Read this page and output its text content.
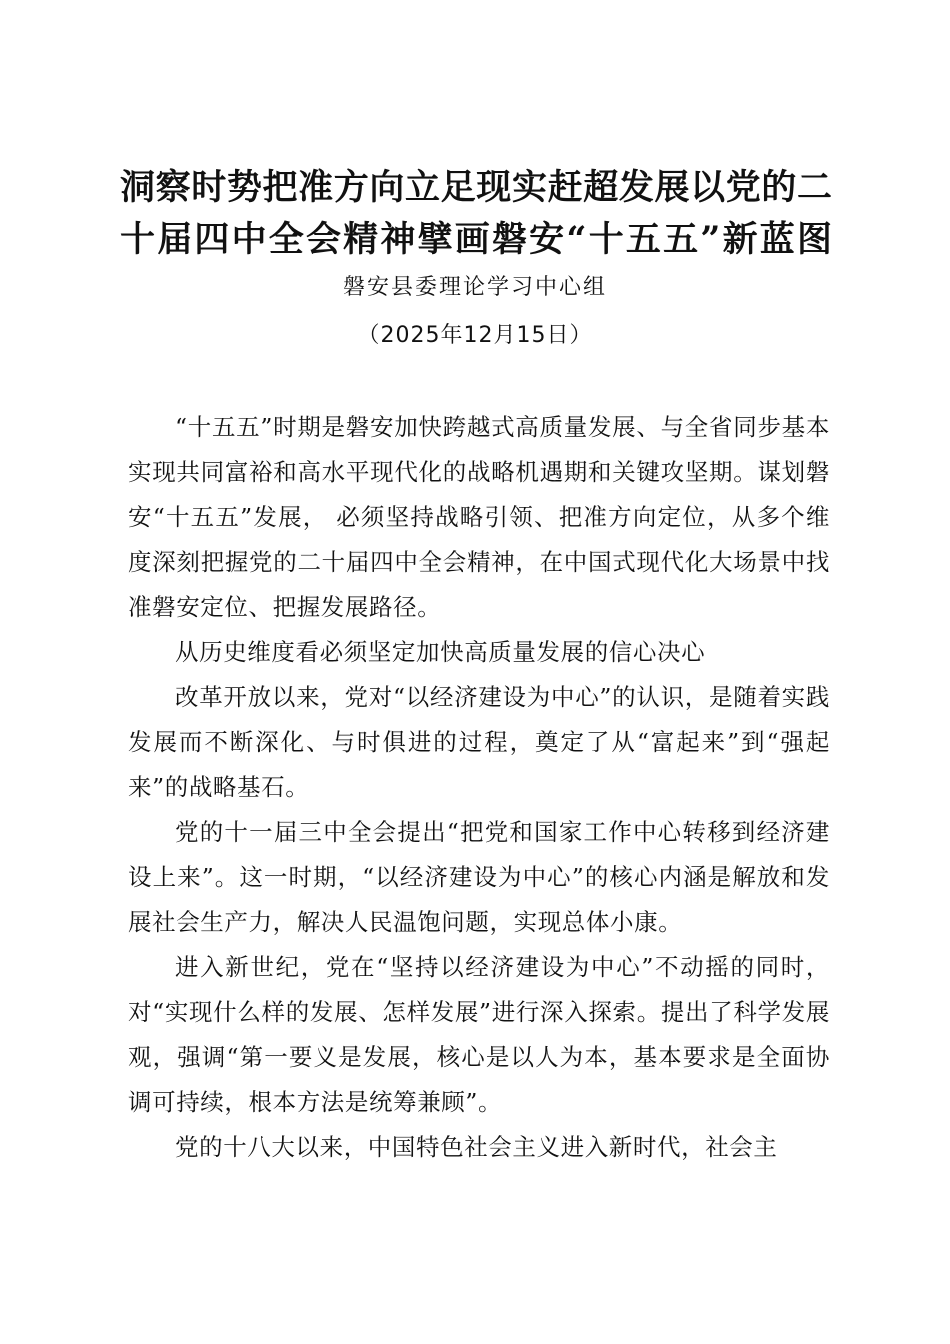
洞察时势把准方向立足现实赶超发展以党的二
十届四中全会精神擘画磐安“十五五”新蓝图
磐安县委理论学习中心组
（2025年12月15日）

“十五五”时期是磐安加快跨越式高质量发展、与全省同步基本实现共同富裕和高水平现代化的战略机遇期和关键攻坚期。谋划磐安“十五五”发展， 必须坚持战略引领、把准方向定位，从多个维度深刻把握党的二十届四中全会精神，在中国式现代化大场景中找准磐安定位、把握发展路径。

从历史维度看必须坚定加快高质量发展的信心决心

改革开放以来，党对“以经济建设为中心”的认识，是随着实践发展而不断深化、与时俱进的过程，奠定了从“富起来”到“强起来”的战略基石。

党的十一届三中全会提出“把党和国家工作中心转移到经济建设上来”。这一时期，“以经济建设为中心”的核心内涵是解放和发展社会生产力，解决人民温饱问题，实现总体小康。

进入新世纪，党在“坚持以经济建设为中心”不动摇的同时，对“实现什么样的发展、怎样发展”进行深入探索。提出了科学发展观，强调“第一要义是发展，核心是以人为本，基本要求是全面协调可持续，根本方法是统筹兼顾”。

党的十八大以来，中国特色社会主义进入新时代，社会主
